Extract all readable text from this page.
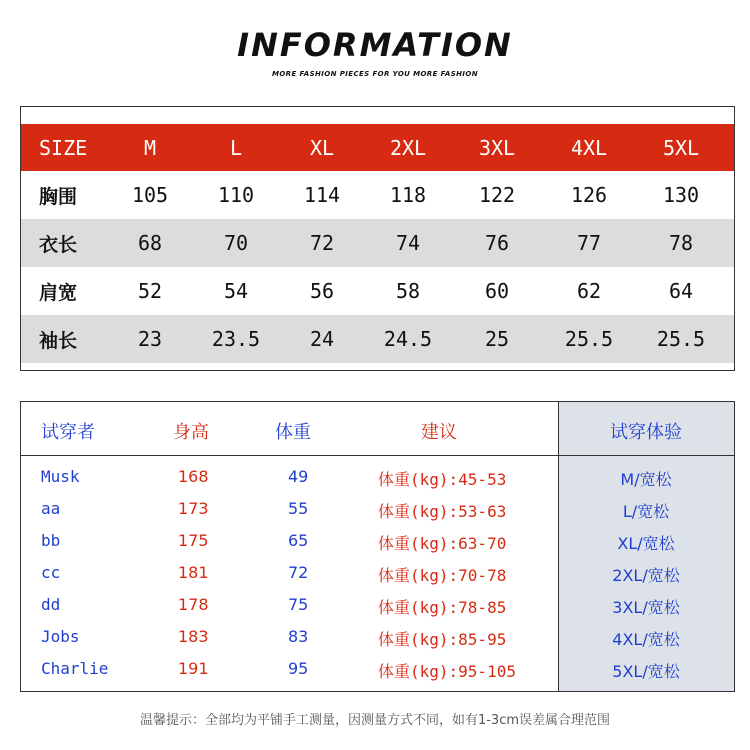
INFORMATION
MORE FASHION PIECES FOR YOU MORE FASHION
SIZE	M	L	XL	2XL	3XL	4XL	5XL
胸围	105	110	114	118	122	126	130
衣长	68	70	72	74	76	77	78
肩宽	52	54	56	58	60	62	64
袖长	23	23.5	24	24.5	25	25.5	25.5
试穿者	身高	体重	建议	试穿体验
Musk	168	49	体重(kg):45-53	M/宽松
aa	173	55	体重(kg):53-63	L/宽松
bb	175	65	体重(kg):63-70	XL/宽松
cc	181	72	体重(kg):70-78	2XL/宽松
dd	178	75	体重(kg):78-85	3XL/宽松
Jobs	183	83	体重(kg):85-95	4XL/宽松
Charlie	191	95	体重(kg):95-105	5XL/宽松
温馨提示：全部均为平铺手工测量，因测量方式不同，如有1-3cm误差属合理范围
